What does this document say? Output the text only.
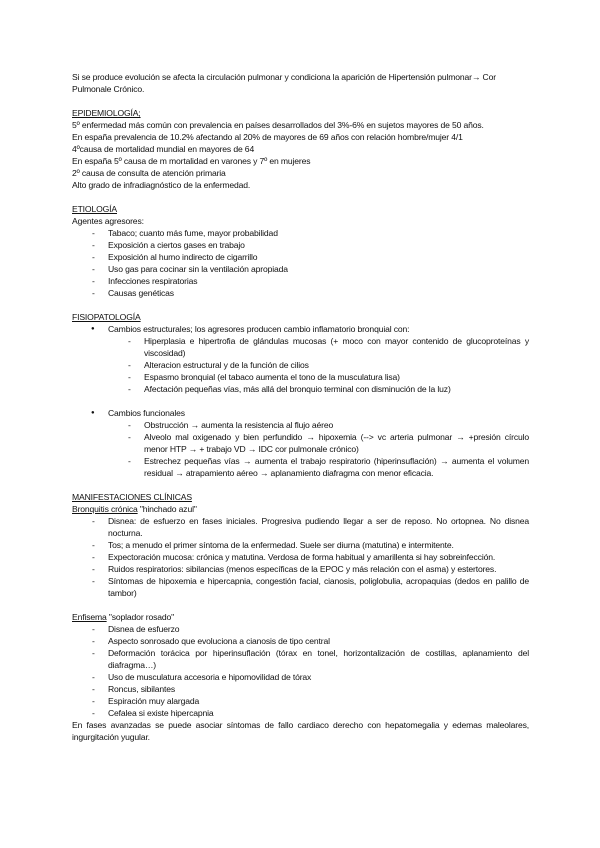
Si se produce evolución se afecta la circulación pulmonar y condiciona la aparición de Hipertensión pulmonar→ Cor Pulmonale Crónico.
EPIDEMIOLOGÍA;
5º enfermedad más común con prevalencia en países desarrollados del 3%-6% en sujetos mayores de 50 años.
En españa prevalencia de 10.2% afectando al 20% de mayores de 69 años con relación hombre/mujer 4/1
4ºcausa de mortalidad mundial en mayores de 64
En españa 5º causa de m mortalidad en varones y 7º en mujeres
2º causa de consulta de atención primaria
Alto grado de infradiagnóstico de la enfermedad.
ETIOLOGÍA
Agentes agresores:
-	Tabaco; cuanto más fume, mayor probabilidad
-	Exposición a ciertos gases en trabajo
-	Exposición al humo indirecto de cigarrillo
-	Uso gas para cocinar sin la ventilación apropiada
-	Infecciones respiratorias
-	Causas genéticas
FISIOPATOLOGÍA
●	Cambios estructurales; los agresores producen cambio inflamatorio bronquial con:
-	Hiperplasia e hipertrofia de glándulas mucosas (+ moco con mayor contenido de glucoproteínas y viscosidad)
-	Alteracion estructural y de la función de cilios
-	Espasmo bronquial (el tabaco aumenta el tono de la musculatura lisa)
-	Afectación pequeñas vías, más allá del bronquio terminal con disminución de la luz)
●	Cambios funcionales
-	Obstrucción → aumenta la resistencia al flujo aéreo
-	Alveolo mal oxigenado y bien perfundido → hipoxemia (--> vc arteria pulmonar → +presión círculo menor HTP → + trabajo VD → IDC cor pulmonale crónico)
-	Estrechez pequeñas vías → aumenta el trabajo respiratorio (hiperinsuflación) → aumenta el volumen residual → atrapamiento aéreo → aplanamiento diafragma con menor eficacia.
MANIFESTACIONES CLÍNICAS
Bronquitis crónica "hinchado azul"
-	Disnea: de esfuerzo en fases iniciales. Progresiva pudiendo llegar a ser de reposo. No ortopnea. No disnea nocturna.
-	Tos; a menudo el primer síntoma de la enfermedad. Suele ser diurna (matutina) e intermitente.
-	Expectoración mucosa: crónica y matutina. Verdosa de forma habitual y amarillenta si hay sobreinfección.
-	Ruidos respiratorios: sibilancias (menos específicas de la EPOC y más relación con el asma) y estertores.
-	Síntomas de hipoxemia e hipercapnia, congestión facial, cianosis, poliglobulia, acropaquias (dedos en palillo de tambor)
Enfisema "soplador rosado"
-	Disnea de esfuerzo
-	Aspecto sonrosado que evoluciona a cianosis de tipo central
-	Deformación torácica por hiperinsuflación (tórax en tonel, horizontalización de costillas, aplanamiento del diafragma…)
-	Uso de musculatura accesoria e hipomovilidad de tórax
-	Roncus, sibilantes
-	Espiración muy alargada
-	Cefalea si existe hipercapnia
En fases avanzadas se puede asociar síntomas de fallo cardiaco derecho con hepatomegalia y edemas maleolares, ingurgitación yugular.
